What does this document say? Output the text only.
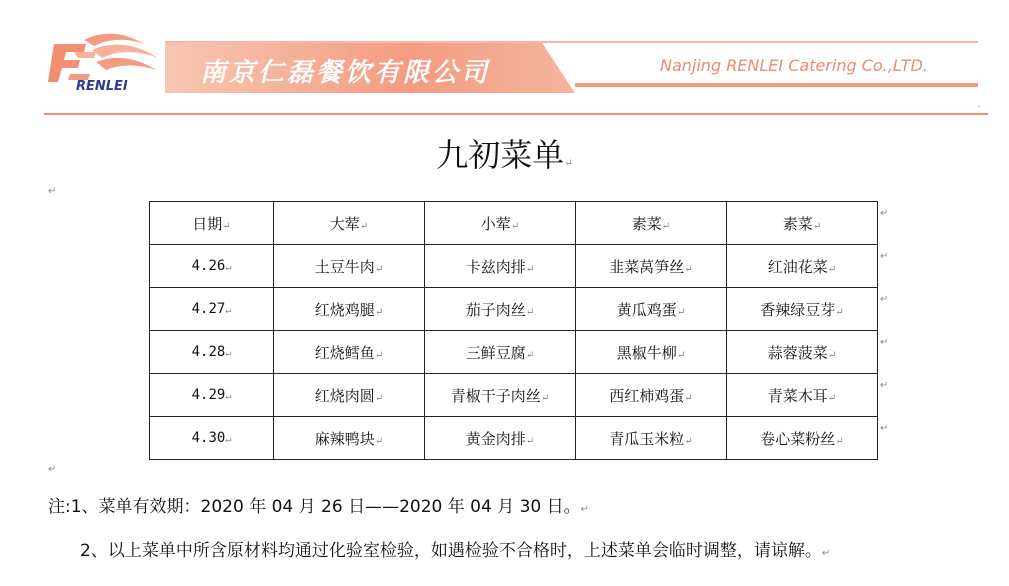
RENLEI	南京仁磊餐饮有限公司	Nanjing RENLEI Catering Co.,LTD.
.
九初菜单↵
↵
日期↵	大荤↵	小荤↵	素菜↵	素菜↵
4.26↵	土豆牛肉↵	卡兹肉排↵	韭菜莴笋丝↵	红油花菜↵
4.27↵	红烧鸡腿↵	茄子肉丝↵	黄瓜鸡蛋↵	香辣绿豆芽↵
4.28↵	红烧鳕鱼↵	三鲜豆腐↵	黑椒牛柳↵	蒜蓉菠菜↵
4.29↵	红烧肉圆↵	青椒干子肉丝↵	西红柿鸡蛋↵	青菜木耳↵
4.30↵	麻辣鸭块↵	黄金肉排↵	青瓜玉米粒↵	卷心菜粉丝↵
↵
↵
↵
↵
↵
↵
↵
注:1、菜单有效期：2020 年 04 月 26 日——2020 年 04 月 30 日。↵
2、以上菜单中所含原材料均通过化验室检验，如遇检验不合格时，上述菜单会临时调整，请谅解。↵
